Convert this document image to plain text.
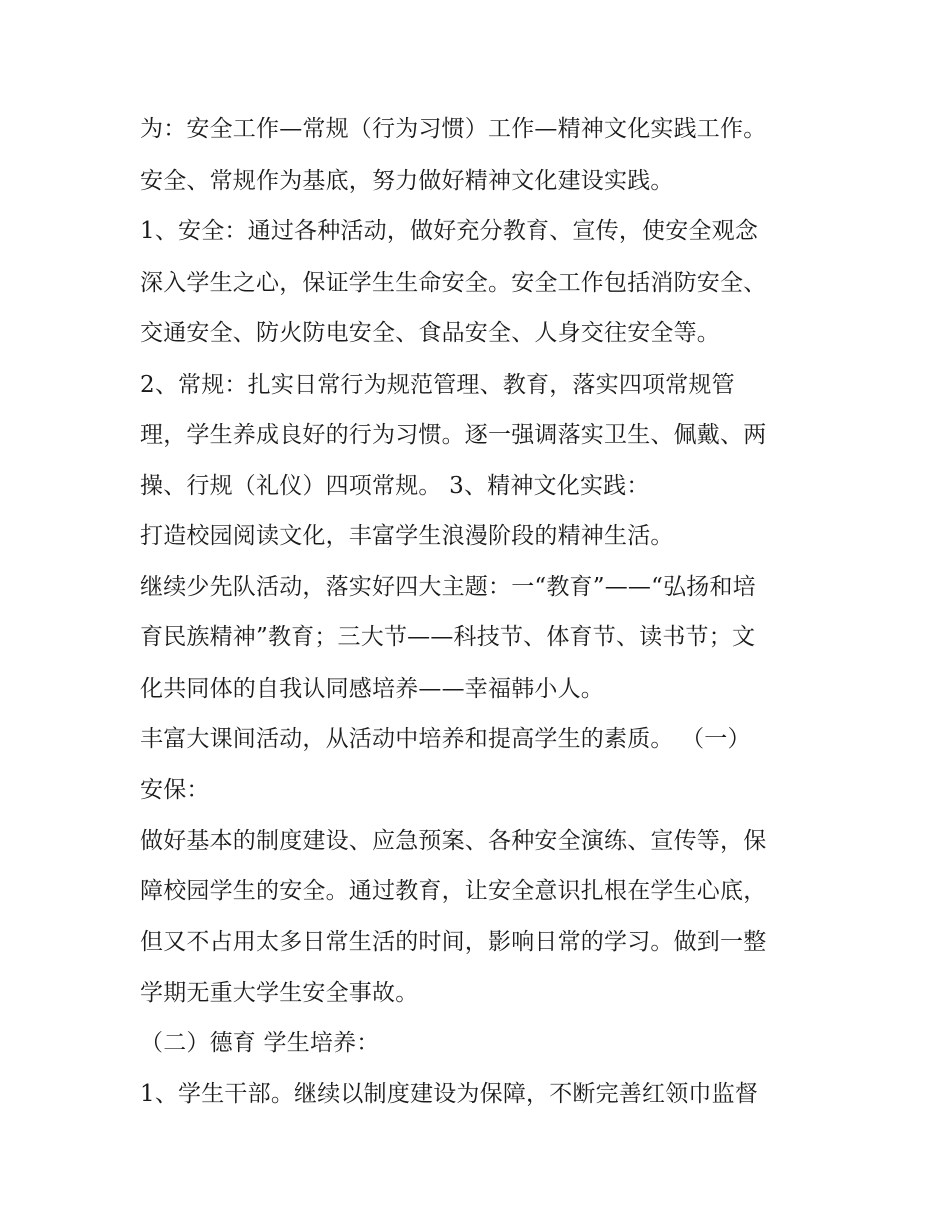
为：安全工作—常规（行为习惯）工作—精神文化实践工作。
安全、常规作为基底，努力做好精神文化建设实践。
1、安全：通过各种活动，做好充分教育、宣传，使安全观念
深入学生之心，保证学生生命安全。安全工作包括消防安全、
交通安全、防火防电安全、食品安全、人身交往安全等。
2、常规：扎实日常行为规范管理、教育，落实四项常规管
理，学生养成良好的行为习惯。逐一强调落实卫生、佩戴、两
操、行规（礼仪）四项常规。 3、精神文化实践：
打造校园阅读文化，丰富学生浪漫阶段的精神生活。
继续少先队活动，落实好四大主题：一“教育”——“弘扬和培
育民族精神”教育；三大节——科技节、体育节、读书节；文
化共同体的自我认同感培养——幸福韩小人。
丰富大课间活动，从活动中培养和提高学生的素质。 （一）
安保：
做好基本的制度建设、应急预案、各种安全演练、宣传等，保
障校园学生的安全。通过教育，让安全意识扎根在学生心底，
但又不占用太多日常生活的时间，影响日常的学习。做到一整
学期无重大学生安全事故。
（二）德育 学生培养：
1、学生干部。继续以制度建设为保障，不断完善红领巾监督
